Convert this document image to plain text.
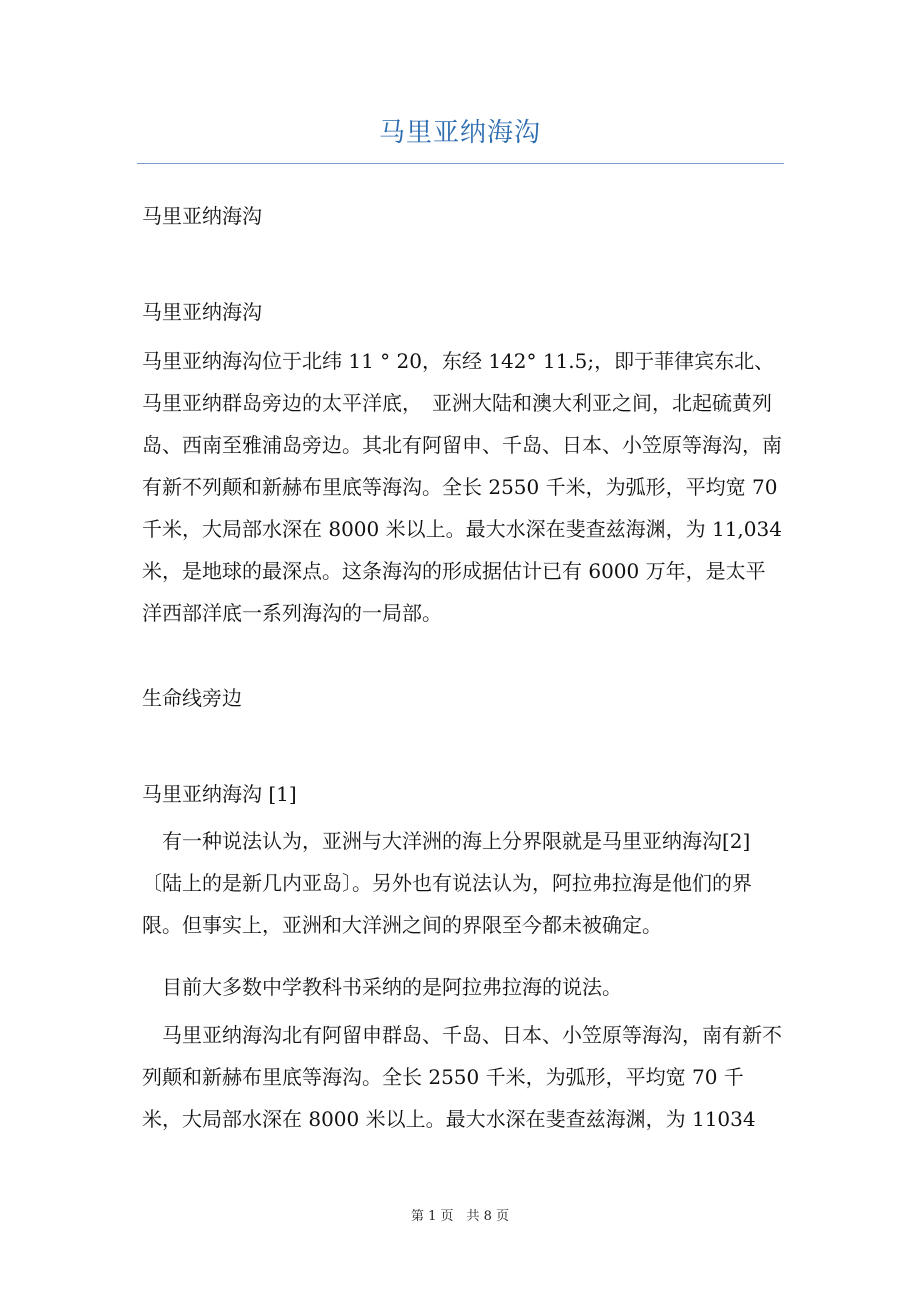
马里亚纳海沟

马里亚纳海沟

马里亚纳海沟

马里亚纳海沟位于北纬 11 ° 20，东经 142° 11.5;，即于菲律宾东北、马里亚纳群岛旁边的太平洋底，　亚洲大陆和澳大利亚之间，北起硫黄列岛、西南至雅浦岛旁边。其北有阿留申、千岛、日本、小笠原等海沟，南有新不列颠和新赫布里底等海沟。全长 2550 千米，为弧形，平均宽 70 千米，大局部水深在 8000 米以上。最大水深在斐查兹海渊，为 11,034 米，是地球的最深点。这条海沟的形成据估计已有 6000 万年，是太平洋西部洋底一系列海沟的一局部。

生命线旁边

马里亚纳海沟 [1]

　有一种说法认为，亚洲与大洋洲的海上分界限就是马里亚纳海沟[2]〔陆上的是新几内亚岛〕。另外也有说法认为，阿拉弗拉海是他们的界限。但事实上，亚洲和大洋洲之间的界限至今都未被确定。

　目前大多数中学教科书采纳的是阿拉弗拉海的说法。

　马里亚纳海沟北有阿留申群岛、千岛、日本、小笠原等海沟，南有新不列颠和新赫布里底等海沟。全长 2550 千米，为弧形，平均宽 70 千米，大局部水深在 8000 米以上。最大水深在斐查兹海渊，为 11034

第 1 页　共 8 页
